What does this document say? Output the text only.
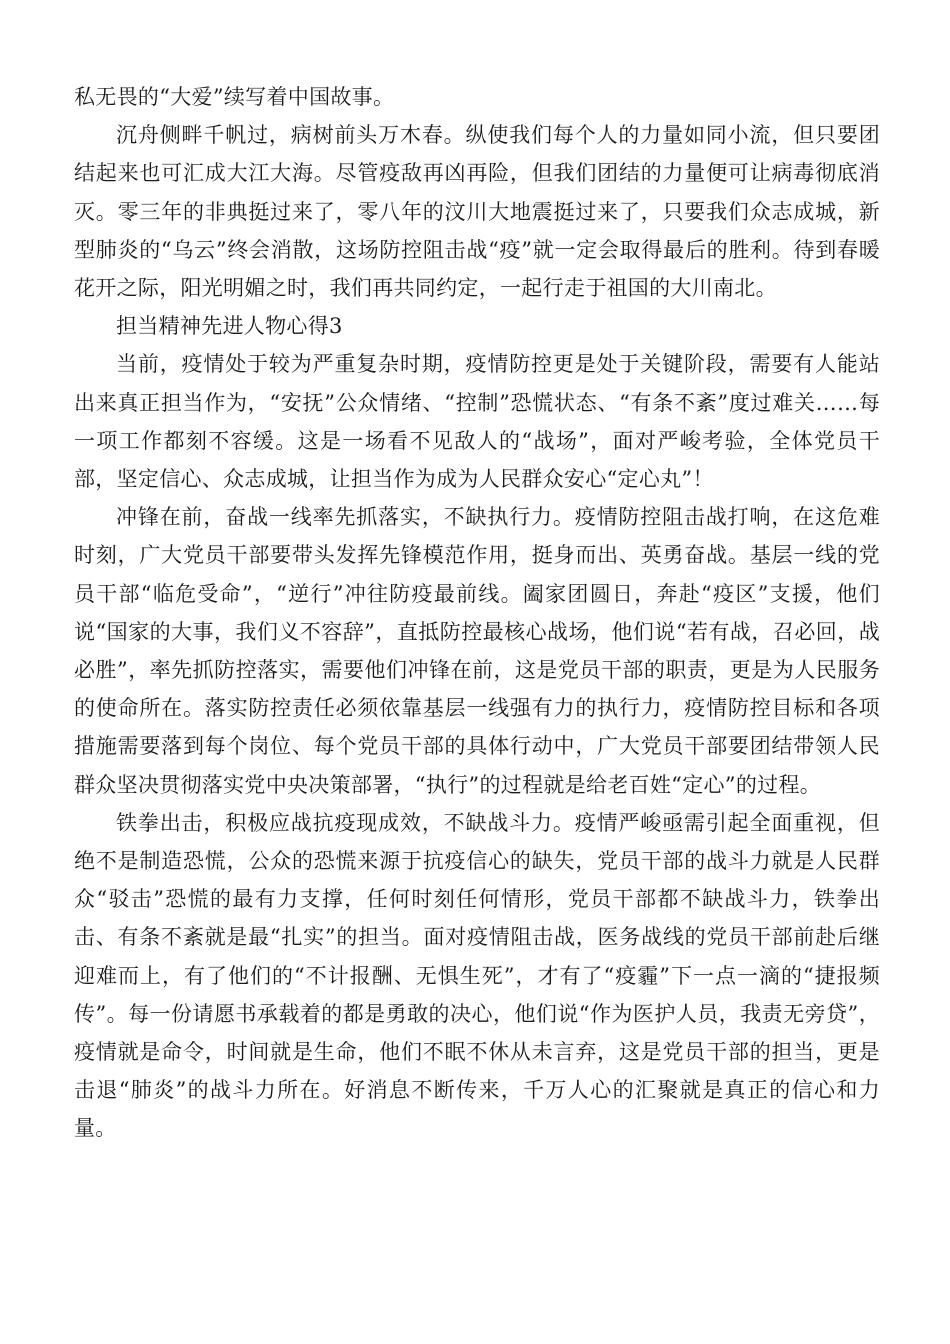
私无畏的“大爱”续写着中国故事。

沉舟侧畔千帆过，病树前头万木春。纵使我们每个人的力量如同小流，但只要团结起来也可汇成大江大海。尽管疫敌再凶再险，但我们团结的力量便可让病毒彻底消灭。零三年的非典挺过来了，零八年的汶川大地震挺过来了，只要我们众志成城，新型肺炎的“乌云”终会消散，这场防控阻击战“疫”就一定会取得最后的胜利。待到春暖花开之际，阳光明媚之时，我们再共同约定，一起行走于祖国的大川南北。

担当精神先进人物心得3

当前，疫情处于较为严重复杂时期，疫情防控更是处于关键阶段，需要有人能站出来真正担当作为，“安抚”公众情绪、“控制”恐慌状态、“有条不紊”度过难关……每一项工作都刻不容缓。这是一场看不见敌人的“战场”，面对严峻考验，全体党员干部，坚定信心、众志成城，让担当作为成为人民群众安心“定心丸”！

冲锋在前，奋战一线率先抓落实，不缺执行力。疫情防控阻击战打响，在这危难时刻，广大党员干部要带头发挥先锋模范作用，挺身而出、英勇奋战。基层一线的党员干部“临危受命”，“逆行”冲往防疫最前线。阖家团圆日，奔赴“疫区”支援，他们说“国家的大事，我们义不容辞”，直抵防控最核心战场，他们说“若有战，召必回，战必胜”，率先抓防控落实，需要他们冲锋在前，这是党员干部的职责，更是为人民服务的使命所在。落实防控责任必须依靠基层一线强有力的执行力，疫情防控目标和各项措施需要落到每个岗位、每个党员干部的具体行动中，广大党员干部要团结带领人民群众坚决贯彻落实党中央决策部署，“执行”的过程就是给老百姓“定心”的过程。

铁拳出击，积极应战抗疫现成效，不缺战斗力。疫情严峻亟需引起全面重视，但绝不是制造恐慌，公众的恐慌来源于抗疫信心的缺失，党员干部的战斗力就是人民群众“驳击”恐慌的最有力支撑，任何时刻任何情形，党员干部都不缺战斗力，铁拳出击、有条不紊就是最“扎实”的担当。面对疫情阻击战，医务战线的党员干部前赴后继迎难而上，有了他们的“不计报酬、无惧生死”，才有了“疫霾”下一点一滴的“捷报频传”。每一份请愿书承载着的都是勇敢的决心，他们说“作为医护人员，我责无旁贷”，疫情就是命令，时间就是生命，他们不眠不休从未言弃，这是党员干部的担当，更是击退“肺炎”的战斗力所在。好消息不断传来，千万人心的汇聚就是真正的信心和力量。
